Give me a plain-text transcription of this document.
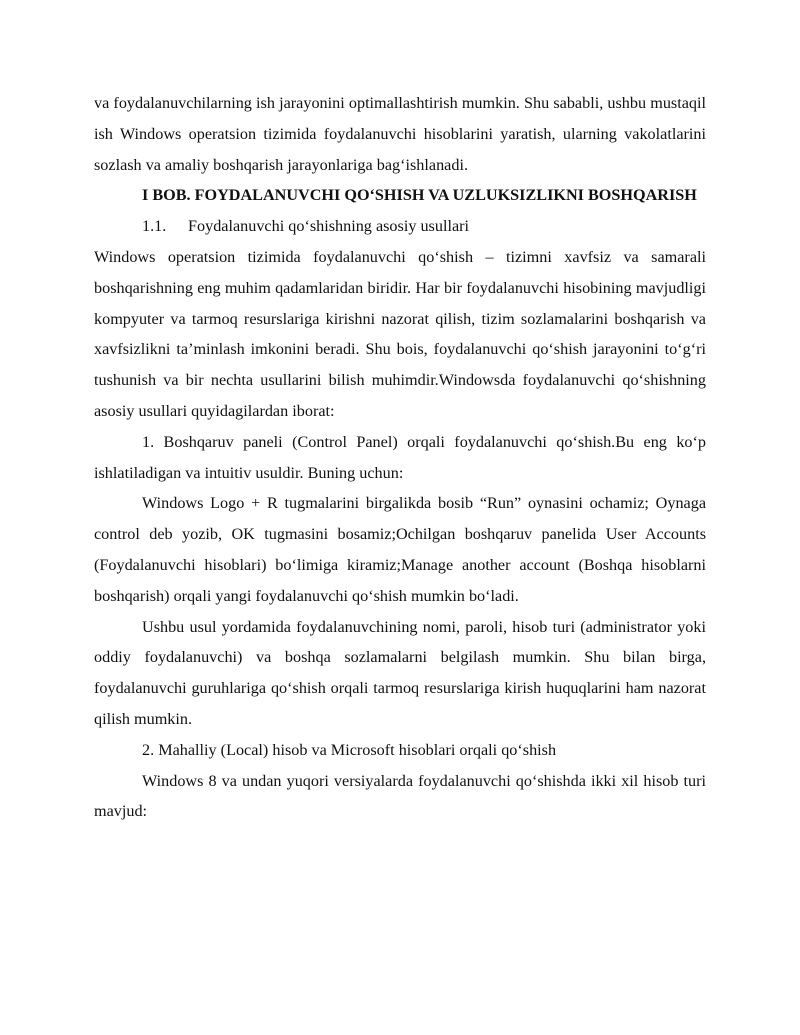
va foydalanuvchilarning ish jarayonini optimallashtirish mumkin. Shu sababli, ushbu mustaqil ish Windows operatsion tizimida foydalanuvchi hisoblarini yaratish, ularning vakolatlarini sozlash va amaliy boshqarish jarayonlariga bag‘ishlanadi.

I BOB. FOYDALANUVCHI QO‘SHISH VA UZLUKSIZLIKNI BOSHQARISH

1.1. Foydalanuvchi qo‘shishning asosiy usullari

Windows operatsion tizimida foydalanuvchi qo‘shish – tizimni xavfsiz va samarali boshqarishning eng muhim qadamlaridan biridir. Har bir foydalanuvchi hisobining mavjudligi kompyuter va tarmoq resurslariga kirishni nazorat qilish, tizim sozlamalarini boshqarish va xavfsizlikni ta’minlash imkonini beradi. Shu bois, foydalanuvchi qo‘shish jarayonini to‘g‘ri tushunish va bir nechta usullarini bilish muhimdir.Windowsda foydalanuvchi qo‘shishning asosiy usullari quyidagilardan iborat:

1. Boshqaruv paneli (Control Panel) orqali foydalanuvchi qo‘shish.Bu eng ko‘p ishlatiladigan va intuitiv usuldir. Buning uchun:

Windows Logo + R tugmalarini birgalikda bosib “Run” oynasini ochamiz; Oynaga control deb yozib, OK tugmasini bosamiz;Ochilgan boshqaruv panelida User Accounts (Foydalanuvchi hisoblari) bo‘limiga kiramiz;Manage another account (Boshqa hisoblarni boshqarish) orqali yangi foydalanuvchi qo‘shish mumkin bo‘ladi.

Ushbu usul yordamida foydalanuvchining nomi, paroli, hisob turi (administrator yoki oddiy foydalanuvchi) va boshqa sozlamalarni belgilash mumkin. Shu bilan birga, foydalanuvchi guruhlariga qo‘shish orqali tarmoq resurslariga kirish huquqlarini ham nazorat qilish mumkin.

2. Mahalliy (Local) hisob va Microsoft hisoblari orqali qo‘shish

Windows 8 va undan yuqori versiyalarda foydalanuvchi qo‘shishda ikki xil hisob turi mavjud:
